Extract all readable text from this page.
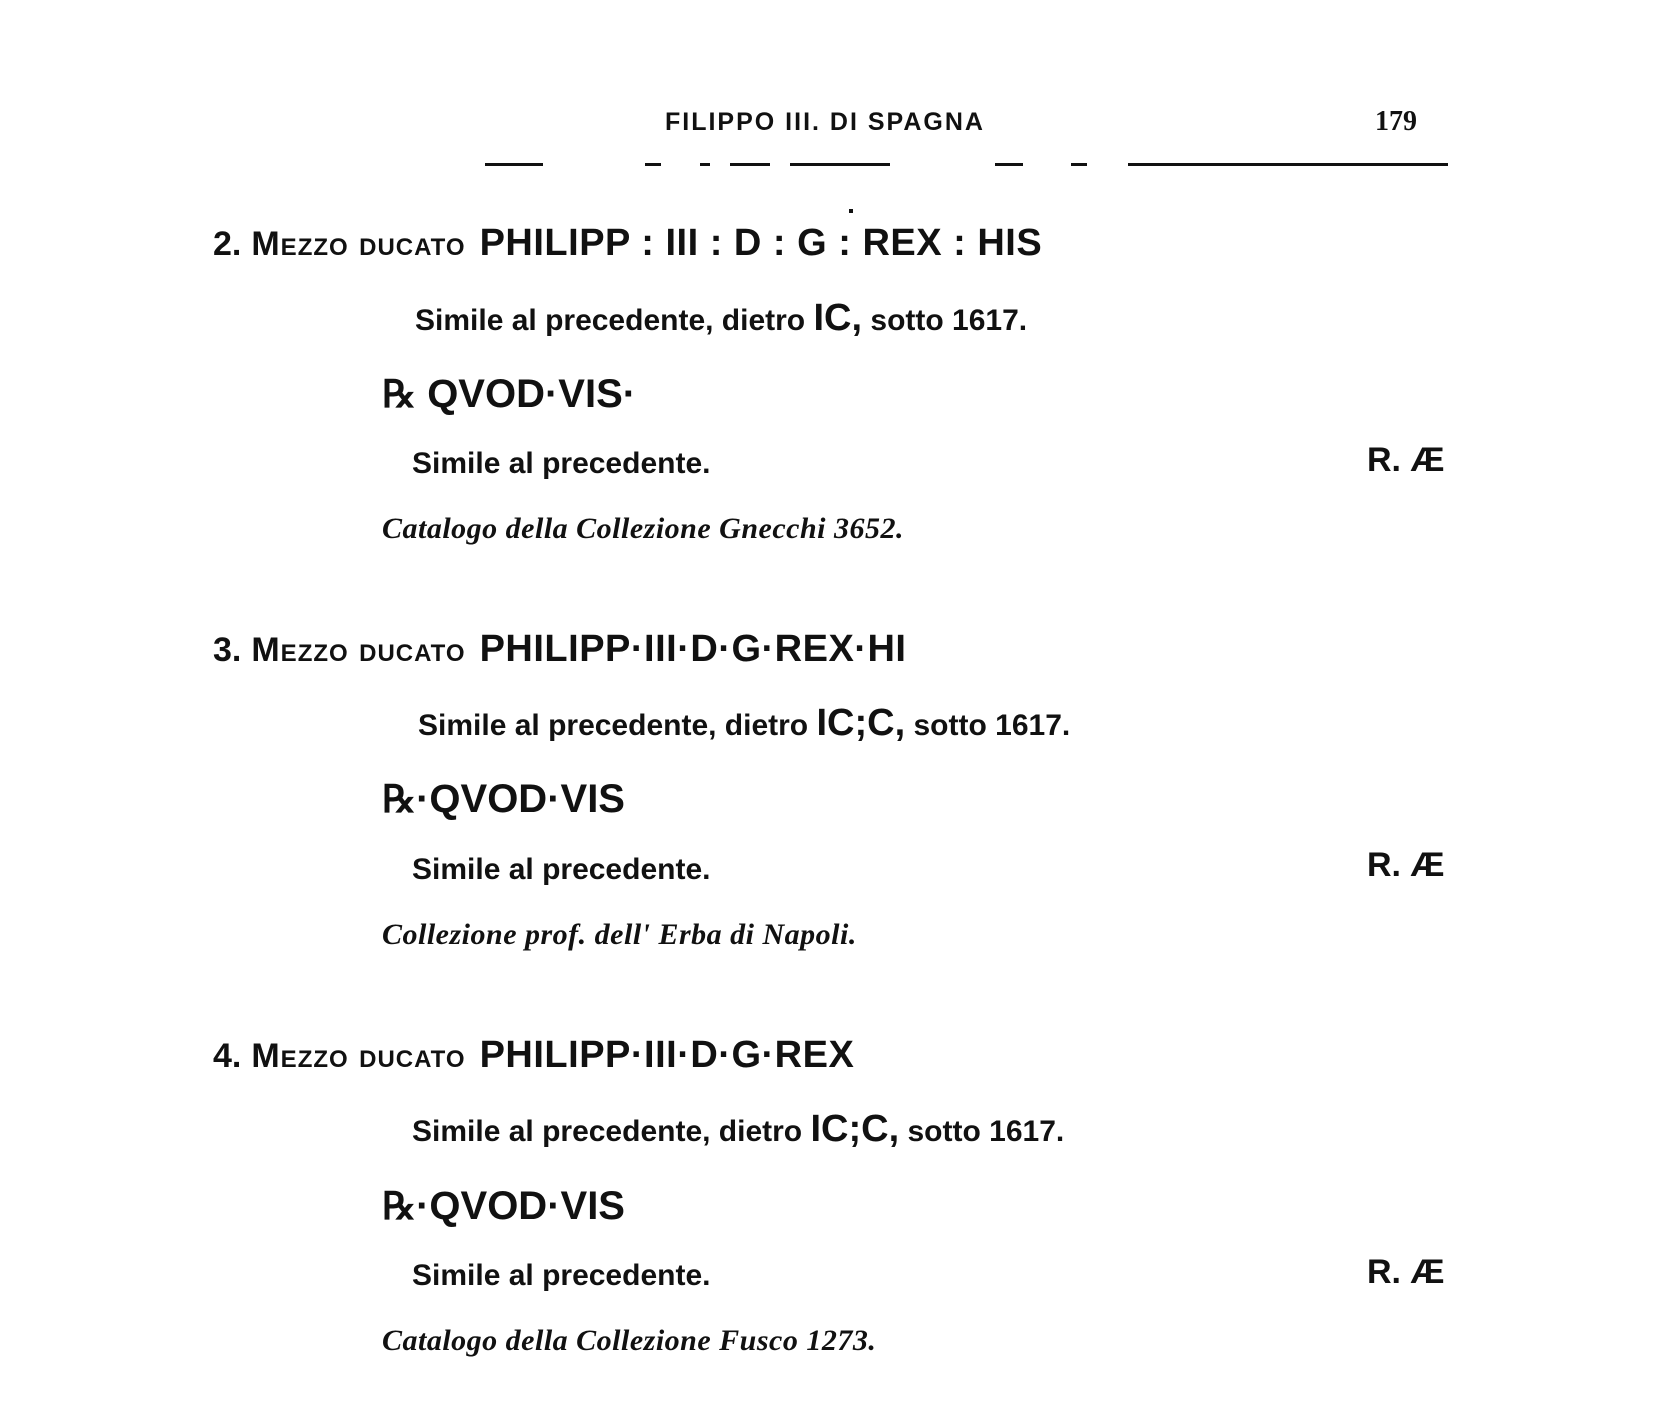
FILIPPO III. DI SPAGNA	179
2. Mezzo ducato PHILIPP : III : D : G : REX : HIS
Simile al precedente, dietro IC, sotto 1617.
℞ QVOD·VIS·
Simile al precedente.	R. Æ
Catalogo della Collezione Gnecchi 3652.
3. Mezzo ducato PHILIPP·III·D·G·REX·HI
Simile al precedente, dietro IC;C, sotto 1617.
℞·QVOD·VIS
Simile al precedente.	R. Æ
Collezione prof. dell' Erba di Napoli.
4. Mezzo ducato PHILIPP·III·D·G·REX
Simile al precedente, dietro IC;C, sotto 1617.
℞·QVOD·VIS
Simile al precedente.	R. Æ
Catalogo della Collezione Fusco 1273.
